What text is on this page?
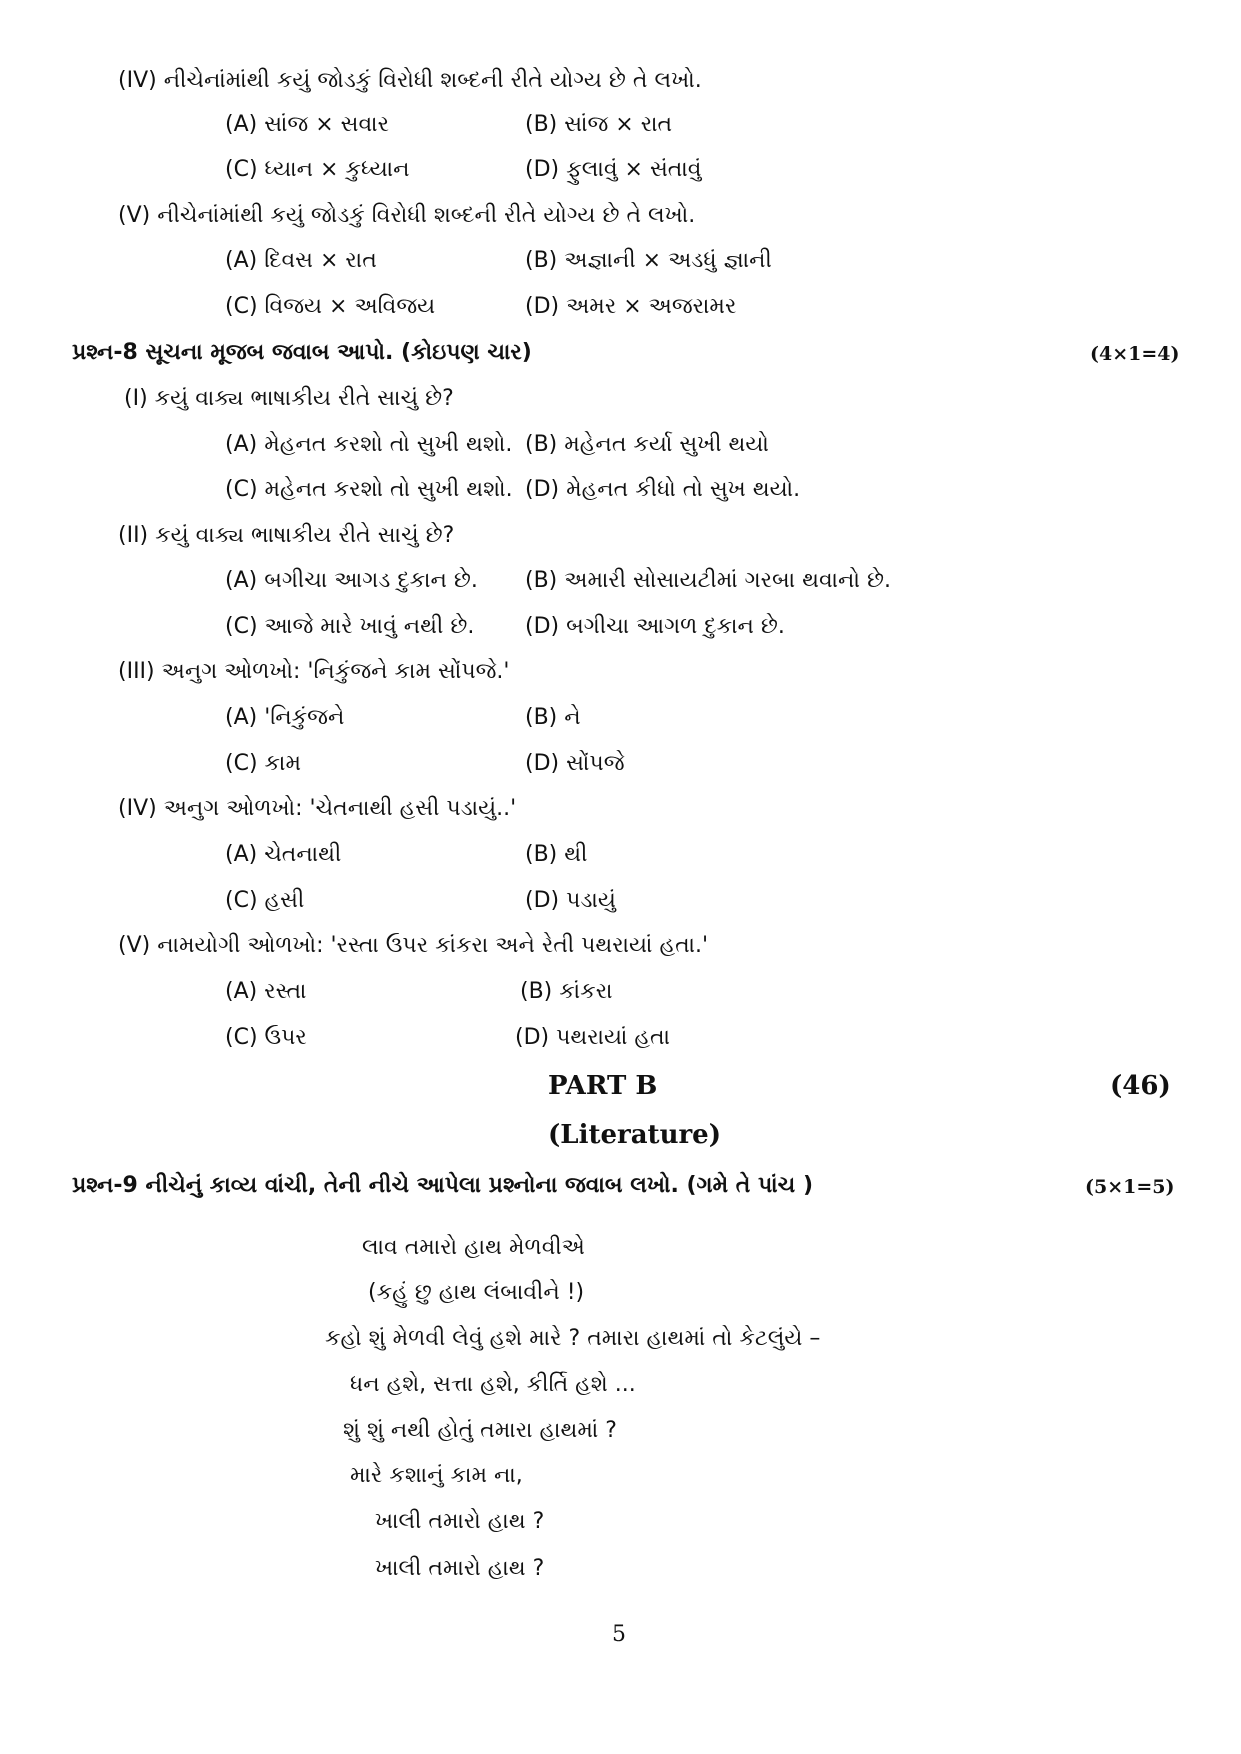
(IV) નીચેનાંમાંથી કયું જોડકું વિરોધી શબ્દની રીતે યોગ્ય છે તે લખો.
(A) સાંજ × સવાર	(B) સાંજ × રાત
(C) ધ્યાન × કુધ્યાન	(D) ફુલાવું × સંતાવું
(V) નીચેનાંમાંથી કયું જોડકું વિરોધી શબ્દની રીતે યોગ્ય છે તે લખો.
(A) દિવસ × રાત	(B) અજ્ઞાની × અડધું જ્ઞાની
(C) વિજય × અવિજય	(D) અમર × અજરામર
પ્રશ્ન-8 સૂચના મૂજબ જવાબ આપો. (કોઇપણ ચાર)	(4×1=4)
(I) કયું વાક્ય ભાષાકીય રીતે સાચું છે?
(A) મેહનત કરશો તો સુખી થશો. (B) મહેનત કર્યા સુખી થયો
(C) મહેનત કરશો તો સુખી થશો. (D) મેહનત કીધો તો સુખ થયો.
(II) કયું વાક્ય ભાષાકીય રીતે સાચું છે?
(A) બગીચા આગડ દુકાન છે. (B) અમારી સોસાયટીમાં ગરબા થવાનો છે.
(C) આજે મારે ખાવું નથી છે. (D) બગીચા આગળ દુકાન છે.
(III) અનુગ ઓળખો: 'નિકુંજને કામ સોંપજે.'
(A) 'નિકુંજને	(B) ને
(C) કામ	(D) સોંપજે
(IV) અનુગ ઓળખો: 'ચેતનાથી હસી પડાયું..'
(A) ચેતનાથી	(B) થી
(C) હસી	(D) પડાયું
(V) નામયોગી ઓળખો: 'રસ્તા ઉપર કાંકરા અને રેતી પથરાયાં હતા.'
(A) રસ્તા	(B) કાંકરા
(C) ઉપર	(D) પથરાયાં હતા
PART B	(46)
(Literature)
પ્રશ્ન-9 નીચેનું કાવ્ય વાંચી, તેની નીચે આપેલા પ્રશ્નોના જવાબ લખો. (ગમે તે પાંચ )	(5×1=5)
લાવ તમારો હાથ મેળવીએ
(કહું છુ હાથ લંબાવીને !)
કહો શું મેળવી લેવું હશે મારે ? તમારા હાથમાં તો કેટલુંયે –
ધન હશે, સત્તા હશે, કીર્તિ હશે ...
શું શું નથી હોતું તમારા હાથમાં ?
મારે કશાનું કામ ના,
ખાલી તમારો હાથ ?
ખાલી તમારો હાથ ?
5
